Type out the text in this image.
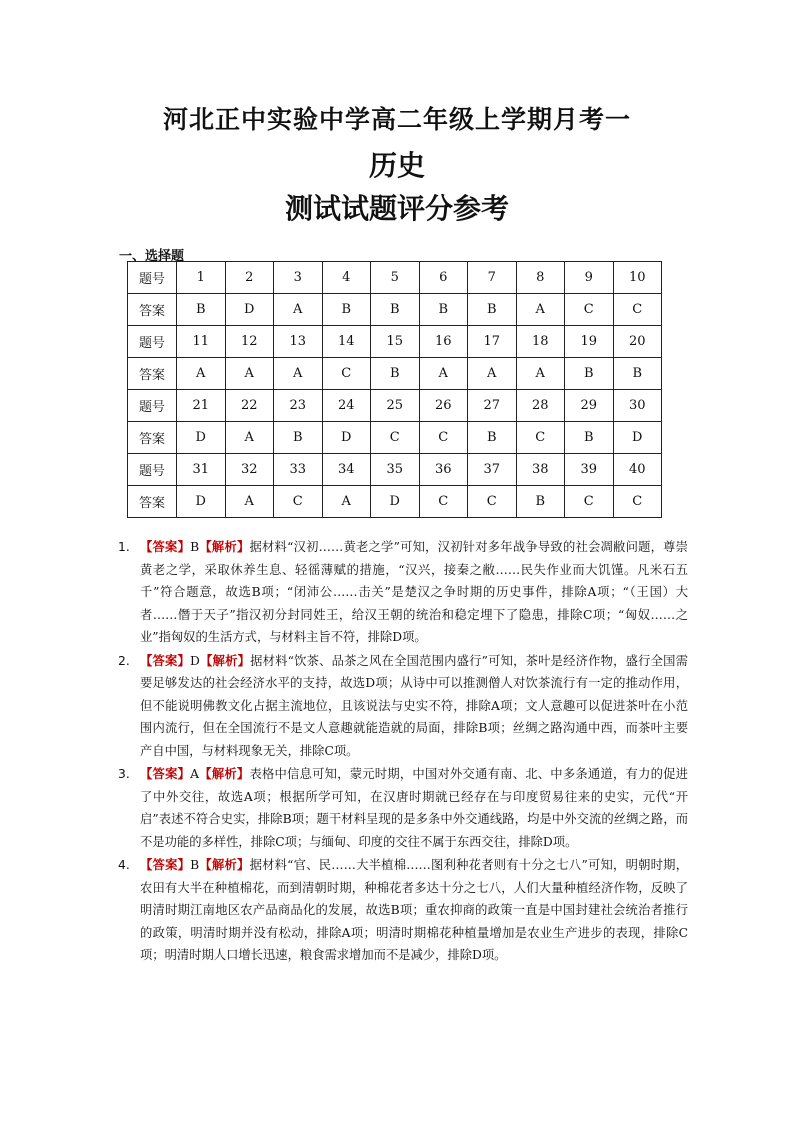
河北正中实验中学高二年级上学期月考一
历史
测试试题评分参考
一、选择题
题号	1	2	3	4	5	6	7	8	9	10
答案	B	D	A	B	B	B	B	A	C	C
题号	11	12	13	14	15	16	17	18	19	20
答案	A	A	A	C	B	A	A	A	B	B
题号	21	22	23	24	25	26	27	28	29	30
答案	D	A	B	D	C	C	B	C	B	D
题号	31	32	33	34	35	36	37	38	39	40
答案	D	A	C	A	D	C	C	B	C	C
1. 【答案】B【解析】据材料“汉初……黄老之学”可知，汉初针对多年战争导致的社会凋敝问题，尊崇黄老之学，采取休养生息、轻徭薄赋的措施，“汉兴，接秦之敝……民失作业而大饥馑。凡米石五千”符合题意，故选B项；“闭沛公……击关”是楚汉之争时期的历史事件，排除A项；“（王国）大者……僭于天子”指汉初分封同姓王，给汉王朝的统治和稳定埋下了隐患，排除C项；“匈奴……之业”指匈奴的生活方式，与材料主旨不符，排除D项。
2. 【答案】D【解析】据材料“饮茶、品茶之风在全国范围内盛行”可知，茶叶是经济作物，盛行全国需要足够发达的社会经济水平的支持，故选D项；从诗中可以推测僧人对饮茶流行有一定的推动作用，但不能说明佛教文化占据主流地位，且该说法与史实不符，排除A项；文人意趣可以促进茶叶在小范围内流行，但在全国流行不是文人意趣就能造就的局面，排除B项；丝绸之路沟通中西，而茶叶主要产自中国，与材料现象无关，排除C项。
3. 【答案】A【解析】表格中信息可知，蒙元时期，中国对外交通有南、北、中多条通道，有力的促进了中外交往，故选A项；根据所学可知，在汉唐时期就已经存在与印度贸易往来的史实，元代“开启”表述不符合史实，排除B项；题干材料呈现的是多条中外交通线路，均是中外交流的丝绸之路，而不是功能的多样性，排除C项；与缅甸、印度的交往不属于东西交往，排除D项。
4. 【答案】B【解析】据材料“官、民……大半植棉……图利种花者则有十分之七八”可知，明朝时期，农田有大半在种植棉花，而到清朝时期，种棉花者多达十分之七八，人们大量种植经济作物，反映了明清时期江南地区农产品商品化的发展，故选B项；重农抑商的政策一直是中国封建社会统治者推行的政策，明清时期并没有松动，排除A项；明清时期棉花种植量增加是农业生产进步的表现，排除C项；明清时期人口增长迅速，粮食需求增加而不是减少，排除D项。
